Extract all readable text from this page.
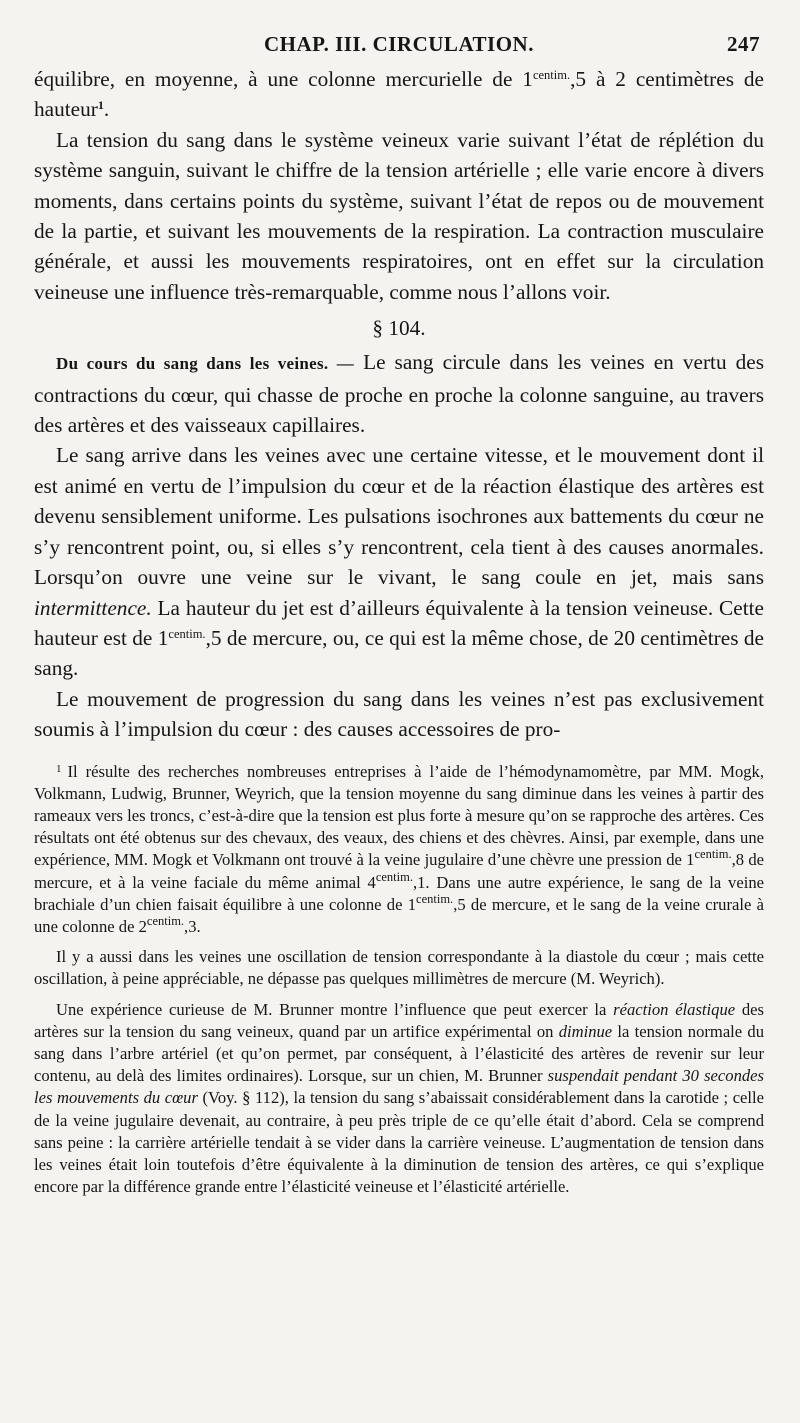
CHAP. III. CIRCULATION.	247

équilibre, en moyenne, à une colonne mercurielle de $1^{centim.},5$ à 2 centimètres de hauteur$^1$.

La tension du sang dans le système veineux varie suivant l’état de réplétion du système sanguin, suivant le chiffre de la tension artérielle ; elle varie encore à divers moments, dans certains points du système, suivant l’état de repos ou de mouvement de la partie, et suivant les mouvements de la respiration. La contraction musculaire générale, et aussi les mouvements respiratoires, ont en effet sur la circulation veineuse une influence très-remarquable, comme nous l’allons voir.

§ 104.

Du cours du sang dans les veines. — Le sang circule dans les veines en vertu des contractions du cœur, qui chasse de proche en proche la colonne sanguine, au travers des artères et des vaisseaux capillaires.

Le sang arrive dans les veines avec une certaine vitesse, et le mouvement dont il est animé en vertu de l’impulsion du cœur et de la réaction élastique des artères est devenu sensiblement uniforme. Les pulsations isochrones aux battements du cœur ne s’y rencontrent point, ou, si elles s’y rencontrent, cela tient à des causes anormales. Lorsqu’on ouvre une veine sur le vivant, le sang coule en jet, mais sans intermittence. La hauteur du jet est d’ailleurs équivalente à la tension veineuse. Cette hauteur est de $1^{centim.},5$ de mercure, ou, ce qui est la même chose, de 20 centimètres de sang.

Le mouvement de progression du sang dans les veines n’est pas exclusivement soumis à l’impulsion du cœur : des causes accessoires de pro-

$^1$ Il résulte des recherches nombreuses entreprises à l’aide de l’hémodynamomètre, par MM. Mogk, Volkmann, Ludwig, Brunner, Weyrich, que la tension moyenne du sang diminue dans les veines à partir des rameaux vers les troncs, c’est-à-dire que la tension est plus forte à mesure qu’on se rapproche des artères. Ces résultats ont été obtenus sur des chevaux, des veaux, des chiens et des chèvres. Ainsi, par exemple, dans une expérience, MM. Mogk et Volkmann ont trouvé à la veine jugulaire d’une chèvre une pression de $1^{centim.},8$ de mercure, et à la veine faciale du même animal $4^{centim.},1$. Dans une autre expérience, le sang de la veine brachiale d’un chien faisait équilibre à une colonne de $1^{centim.},5$ de mercure, et le sang de la veine crurale à une colonne de $2^{centim.},3$.

Il y a aussi dans les veines une oscillation de tension correspondante à la diastole du cœur ; mais cette oscillation, à peine appréciable, ne dépasse pas quelques millimètres de mercure (M. Weyrich).

Une expérience curieuse de M. Brunner montre l’influence que peut exercer la réaction élastique des artères sur la tension du sang veineux, quand par un artifice expérimental on diminue la tension normale du sang dans l’arbre artériel (et qu’on permet, par conséquent, à l’élasticité des artères de revenir sur leur contenu, au delà des limites ordinaires). Lorsque, sur un chien, M. Brunner suspendait pendant 30 secondes les mouvements du cœur (Voy. § 112), la tension du sang s’abaissait considérablement dans la carotide ; celle de la veine jugulaire devenait, au contraire, à peu près triple de ce qu’elle était d’abord. Cela se comprend sans peine : la carrière artérielle tendait à se vider dans la carrière veineuse. L’augmentation de tension dans les veines était loin toutefois d’être équivalente à la diminution de tension des artères, ce qui s’explique encore par la différence grande entre l’élasticité veineuse et l’élasticité artérielle.
